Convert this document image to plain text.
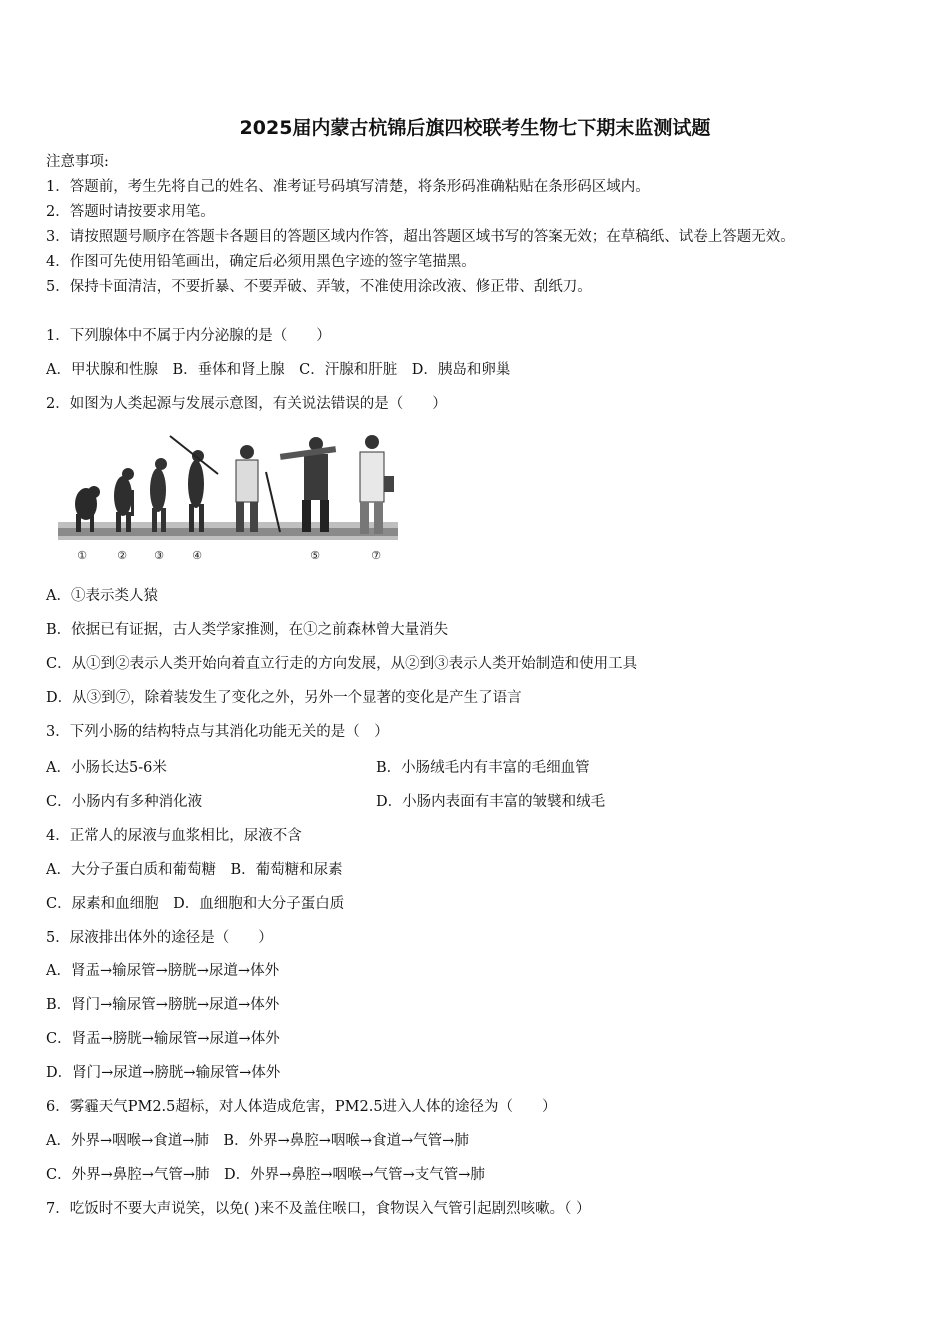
2025届内蒙古杭锦后旗四校联考生物七下期末监测试题
注意事项:
1．答题前，考生先将自己的姓名、准考证号码填写清楚，将条形码准确粘贴在条形码区域内。
2．答题时请按要求用笔。
3．请按照题号顺序在答题卡各题目的答题区域内作答，超出答题区域书写的答案无效；在草稿纸、试卷上答题无效。
4．作图可先使用铅笔画出，确定后必须用黑色字迹的签字笔描黑。
5．保持卡面清洁，不要折暴、不要弄破、弄皱，不准使用涂改液、修正带、刮纸刀。
1．下列腺体中不属于内分泌腺的是（　　）
A．甲状腺和性腺　B．垂体和肾上腺　C．汗腺和肝脏　D．胰岛和卵巢
2．如图为人类起源与发展示意图，有关说法错误的是（　　）
①	② ③	④	⑤	⑦
A．①表示类人猿
B．依据已有证据，古人类学家推测，在①之前森林曾大量消失
C．从①到②表示人类开始向着直立行走的方向发展，从②到③表示人类开始制造和使用工具
D．从③到⑦，除着装发生了变化之外，另外一个显著的变化是产生了语言
3．下列小肠的结构特点与其消化功能无关的是（　）
A．小肠长达5-6米	B．小肠绒毛内有丰富的毛细血管
C．小肠内有多种消化液	D．小肠内表面有丰富的皱襞和绒毛
4．正常人的尿液与血浆相比，尿液不含
A．大分子蛋白质和葡萄糖　B．葡萄糖和尿素
C．尿素和血细胞　D．血细胞和大分子蛋白质
5．尿液排出体外的途径是（　　）
A．肾盂→输尿管→膀胱→尿道→体外
B．肾门→输尿管→膀胱→尿道→体外
C．肾盂→膀胱→输尿管→尿道→体外
D．肾门→尿道→膀胱→输尿管→体外
6．雾霾天气PM2.5超标，对人体造成危害，PM2.5进入人体的途径为（　　）
A．外界→咽喉→食道→肺　B．外界→鼻腔→咽喉→食道→气管→肺
C．外界→鼻腔→气管→肺　D．外界→鼻腔→咽喉→气管→支气管→肺
7．吃饭时不要大声说笑，以免( )来不及盖住喉口，食物误入气管引起剧烈咳嗽。（ ）
